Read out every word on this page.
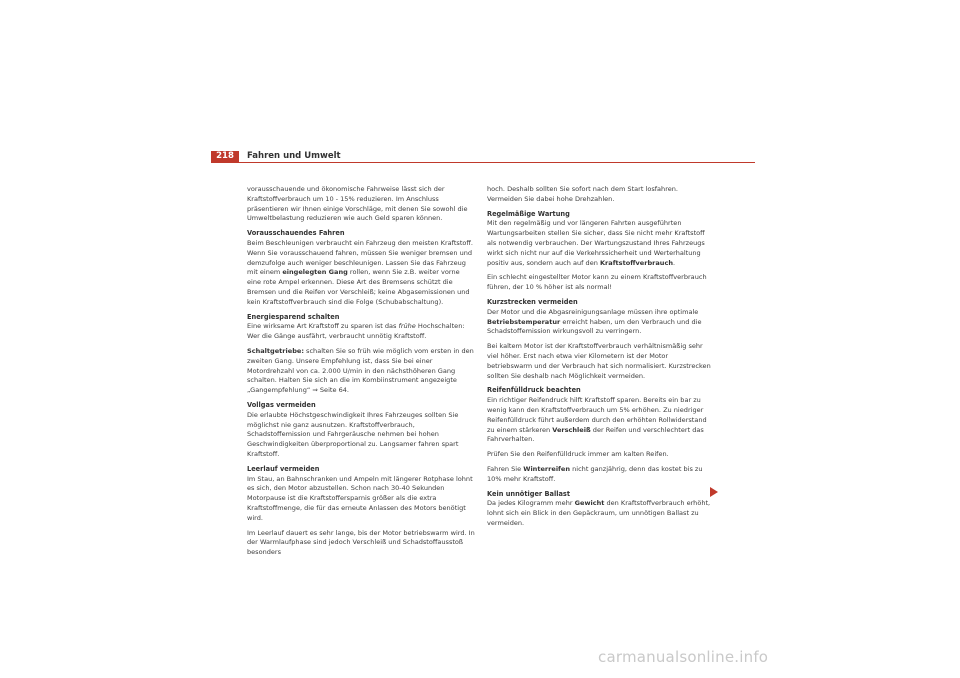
218	Fahren und Umwelt

vorausschauende und ökonomische Fahrweise lässt sich der Kraftstoffverbrauch um 10 - 15% reduzieren. Im Anschluss präsentieren wir Ihnen einige Vorschläge, mit denen Sie sowohl die Umweltbelastung reduzieren wie auch Geld sparen können.

Vorausschauendes Fahren

Beim Beschleunigen verbraucht ein Fahrzeug den meisten Kraftstoff. Wenn Sie vorausschauend fahren, müssen Sie weniger bremsen und demzufolge auch weniger beschleunigen. Lassen Sie das Fahrzeug mit einem eingelegten Gang rollen, wenn Sie z.B. weiter vorne eine rote Ampel erkennen. Diese Art des Bremsens schützt die Bremsen und die Reifen vor Verschleiß; keine Abgasemissionen und kein Kraftstoffverbrauch sind die Folge (Schubabschaltung).

Energiesparend schalten

Eine wirksame Art Kraftstoff zu sparen ist das frühe Hochschalten: Wer die Gänge ausfährt, verbraucht unnötig Kraftstoff.

Schaltgetriebe: schalten Sie so früh wie möglich vom ersten in den zweiten Gang. Unsere Empfehlung ist, dass Sie bei einer Motordrehzahl von ca. 2.000 U/min in den nächsthöheren Gang schalten. Halten Sie sich an die im Kombiinstrument angezeigte „Gangempfehlung“ ⇒ Seite 64.

Vollgas vermeiden

Die erlaubte Höchstgeschwindigkeit Ihres Fahrzeuges sollten Sie möglichst nie ganz ausnutzen. Kraftstoffverbrauch, Schadstoffemission und Fahrgeräusche nehmen bei hohen Geschwindigkeiten überproportional zu. Langsamer fahren spart Kraftstoff.

Leerlauf vermeiden

Im Stau, an Bahnschranken und Ampeln mit längerer Rotphase lohnt es sich, den Motor abzustellen. Schon nach 30-40 Sekunden Motorpause ist die Kraftstoffersparnis größer als die extra Kraftstoffmenge, die für das erneute Anlassen des Motors benötigt wird.

Im Leerlauf dauert es sehr lange, bis der Motor betriebswarm wird. In der Warmlaufphase sind jedoch Verschleiß und Schadstoffausstoß besonders

hoch. Deshalb sollten Sie sofort nach dem Start losfahren. Vermeiden Sie dabei hohe Drehzahlen.

Regelmäßige Wartung

Mit den regelmäßig und vor längeren Fahrten ausgeführten Wartungsarbeiten stellen Sie sicher, dass Sie nicht mehr Kraftstoff als notwendig verbrauchen. Der Wartungszustand Ihres Fahrzeugs wirkt sich nicht nur auf die Verkehrssicherheit und Werterhaltung positiv aus, sondern auch auf den Kraftstoffverbrauch.

Ein schlecht eingestellter Motor kann zu einem Kraftstoffverbrauch führen, der 10 % höher ist als normal!

Kurzstrecken vermeiden

Der Motor und die Abgasreinigungsanlage müssen ihre optimale Betriebstemperatur erreicht haben, um den Verbrauch und die Schadstoffemission wirkungsvoll zu verringern.

Bei kaltem Motor ist der Kraftstoffverbrauch verhältnismäßig sehr viel höher. Erst nach etwa vier Kilometern ist der Motor betriebswarm und der Verbrauch hat sich normalisiert. Kurzstrecken sollten Sie deshalb nach Möglichkeit vermeiden.

Reifenfülldruck beachten

Ein richtiger Reifendruck hilft Kraftstoff sparen. Bereits ein bar zu wenig kann den Kraftstoffverbrauch um 5% erhöhen. Zu niedriger Reifenfülldruck führt außerdem durch den erhöhten Rollwiderstand zu einem stärkeren Verschleiß der Reifen und verschlechtert das Fahrverhalten.

Prüfen Sie den Reifenfülldruck immer am kalten Reifen.

Fahren Sie Winterreifen nicht ganzjährig, denn das kostet bis zu 10% mehr Kraftstoff.

Kein unnötiger Ballast

Da jedes Kilogramm mehr Gewicht den Kraftstoffverbrauch erhöht, lohnt sich ein Blick in den Gepäckraum, um unnötigen Ballast zu vermeiden.

carmanualsonline.info
